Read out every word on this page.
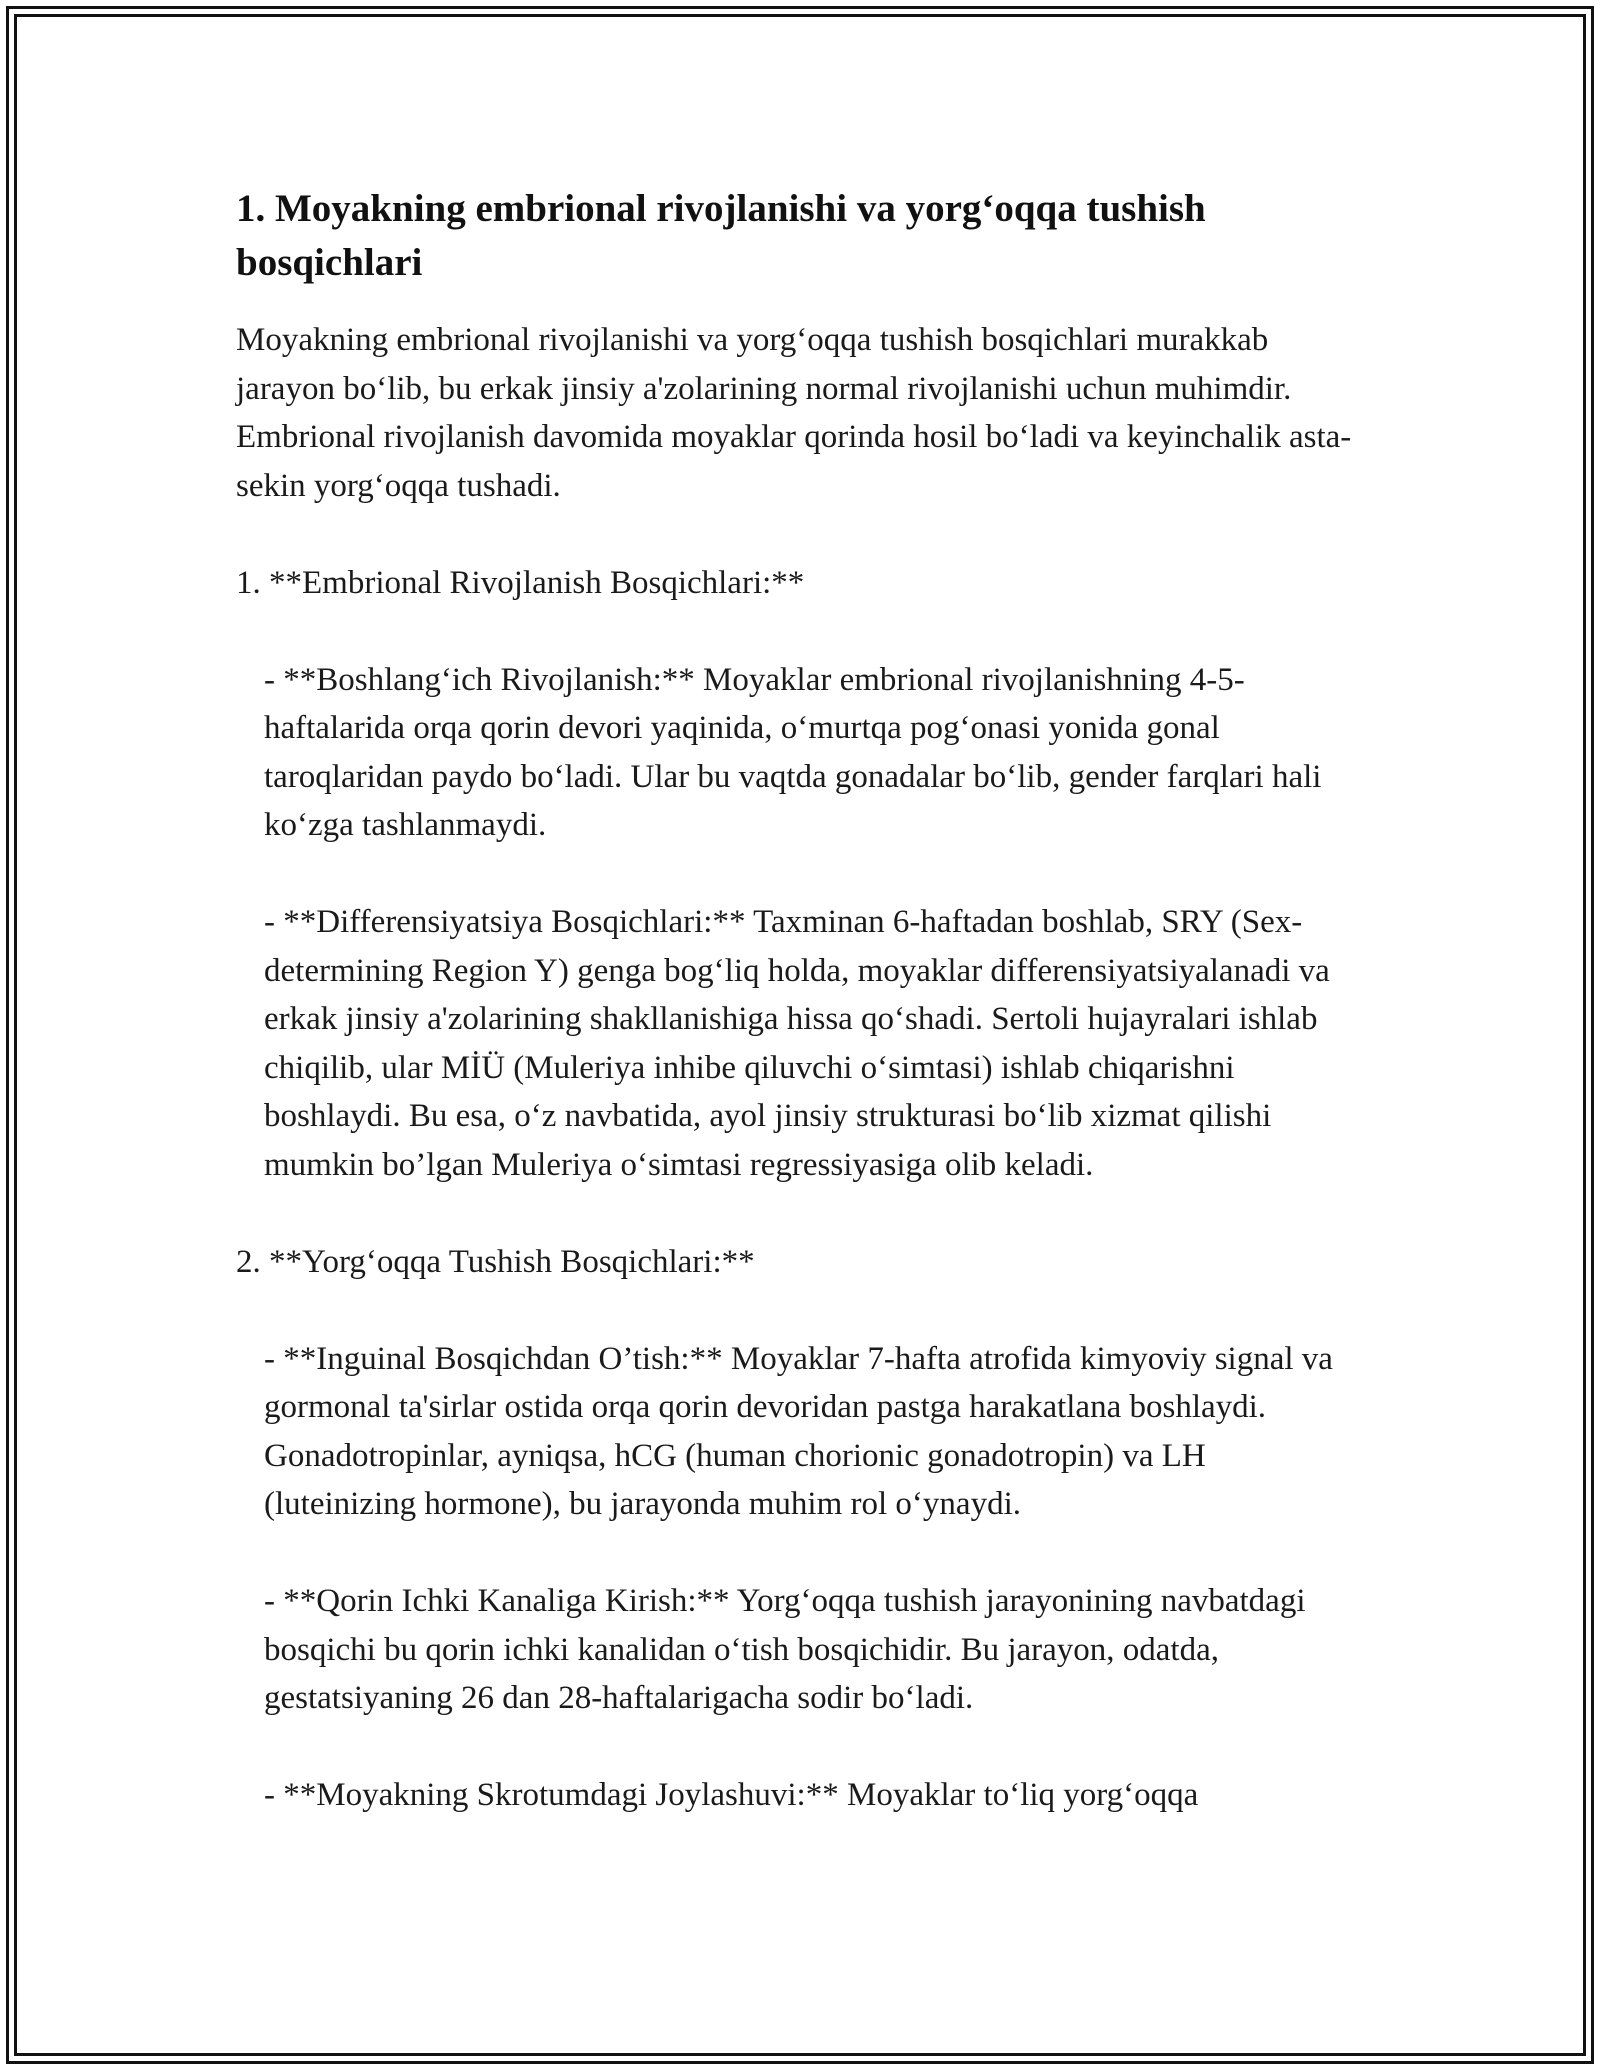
1. Moyakning embrional rivojlanishi va yorg‘oqqa tushish bosqichlari

Moyakning embrional rivojlanishi va yorg‘oqqa tushish bosqichlari murakkab jarayon bo‘lib, bu erkak jinsiy a'zolarining normal rivojlanishi uchun muhimdir. Embrional rivojlanish davomida moyaklar qorinda hosil bo‘ladi va keyinchalik asta-sekin yorg‘oqqa tushadi.

1. **Embrional Rivojlanish Bosqichlari:**

- **Boshlang‘ich Rivojlanish:** Moyaklar embrional rivojlanishning 4-5-haftalarida orqa qorin devori yaqinida, o‘murtqa pog‘onasi yonida gonal taroqlaridan paydo bo‘ladi. Ular bu vaqtda gonadalar bo‘lib, gender farqlari hali ko‘zga tashlanmaydi.

- **Differensiyatsiya Bosqichlari:** Taxminan 6-haftadan boshlab, SRY (Sex-determining Region Y) genga bog‘liq holda, moyaklar differensiyatsiyalanadi va erkak jinsiy a'zolarining shakllanishiga hissa qo‘shadi. Sertoli hujayralari ishlab chiqilib, ular MİÜ (Muleriya inhibe qiluvchi o‘simtasi) ishlab chiqarishni boshlaydi. Bu esa, o‘z navbatida, ayol jinsiy strukturasi bo‘lib xizmat qilishi mumkin bo’lgan Muleriya o‘simtasi regressiyasiga olib keladi.

2. **Yorg‘oqqa Tushish Bosqichlari:**

- **Inguinal Bosqichdan O’tish:** Moyaklar 7-hafta atrofida kimyoviy signal va gormonal ta'sirlar ostida orqa qorin devoridan pastga harakatlana boshlaydi. Gonadotropinlar, ayniqsa, hCG (human chorionic gonadotropin) va LH (luteinizing hormone), bu jarayonda muhim rol o‘ynaydi.

- **Qorin Ichki Kanaliga Kirish:** Yorg‘oqqa tushish jarayonining navbatdagi bosqichi bu qorin ichki kanalidan o‘tish bosqichidir. Bu jarayon, odatda, gestatsiyaning 26 dan 28-haftalarigacha sodir bo‘ladi.

- **Moyakning Skrotumdagi Joylashuvi:** Moyaklar to‘liq yorg‘oqqa
